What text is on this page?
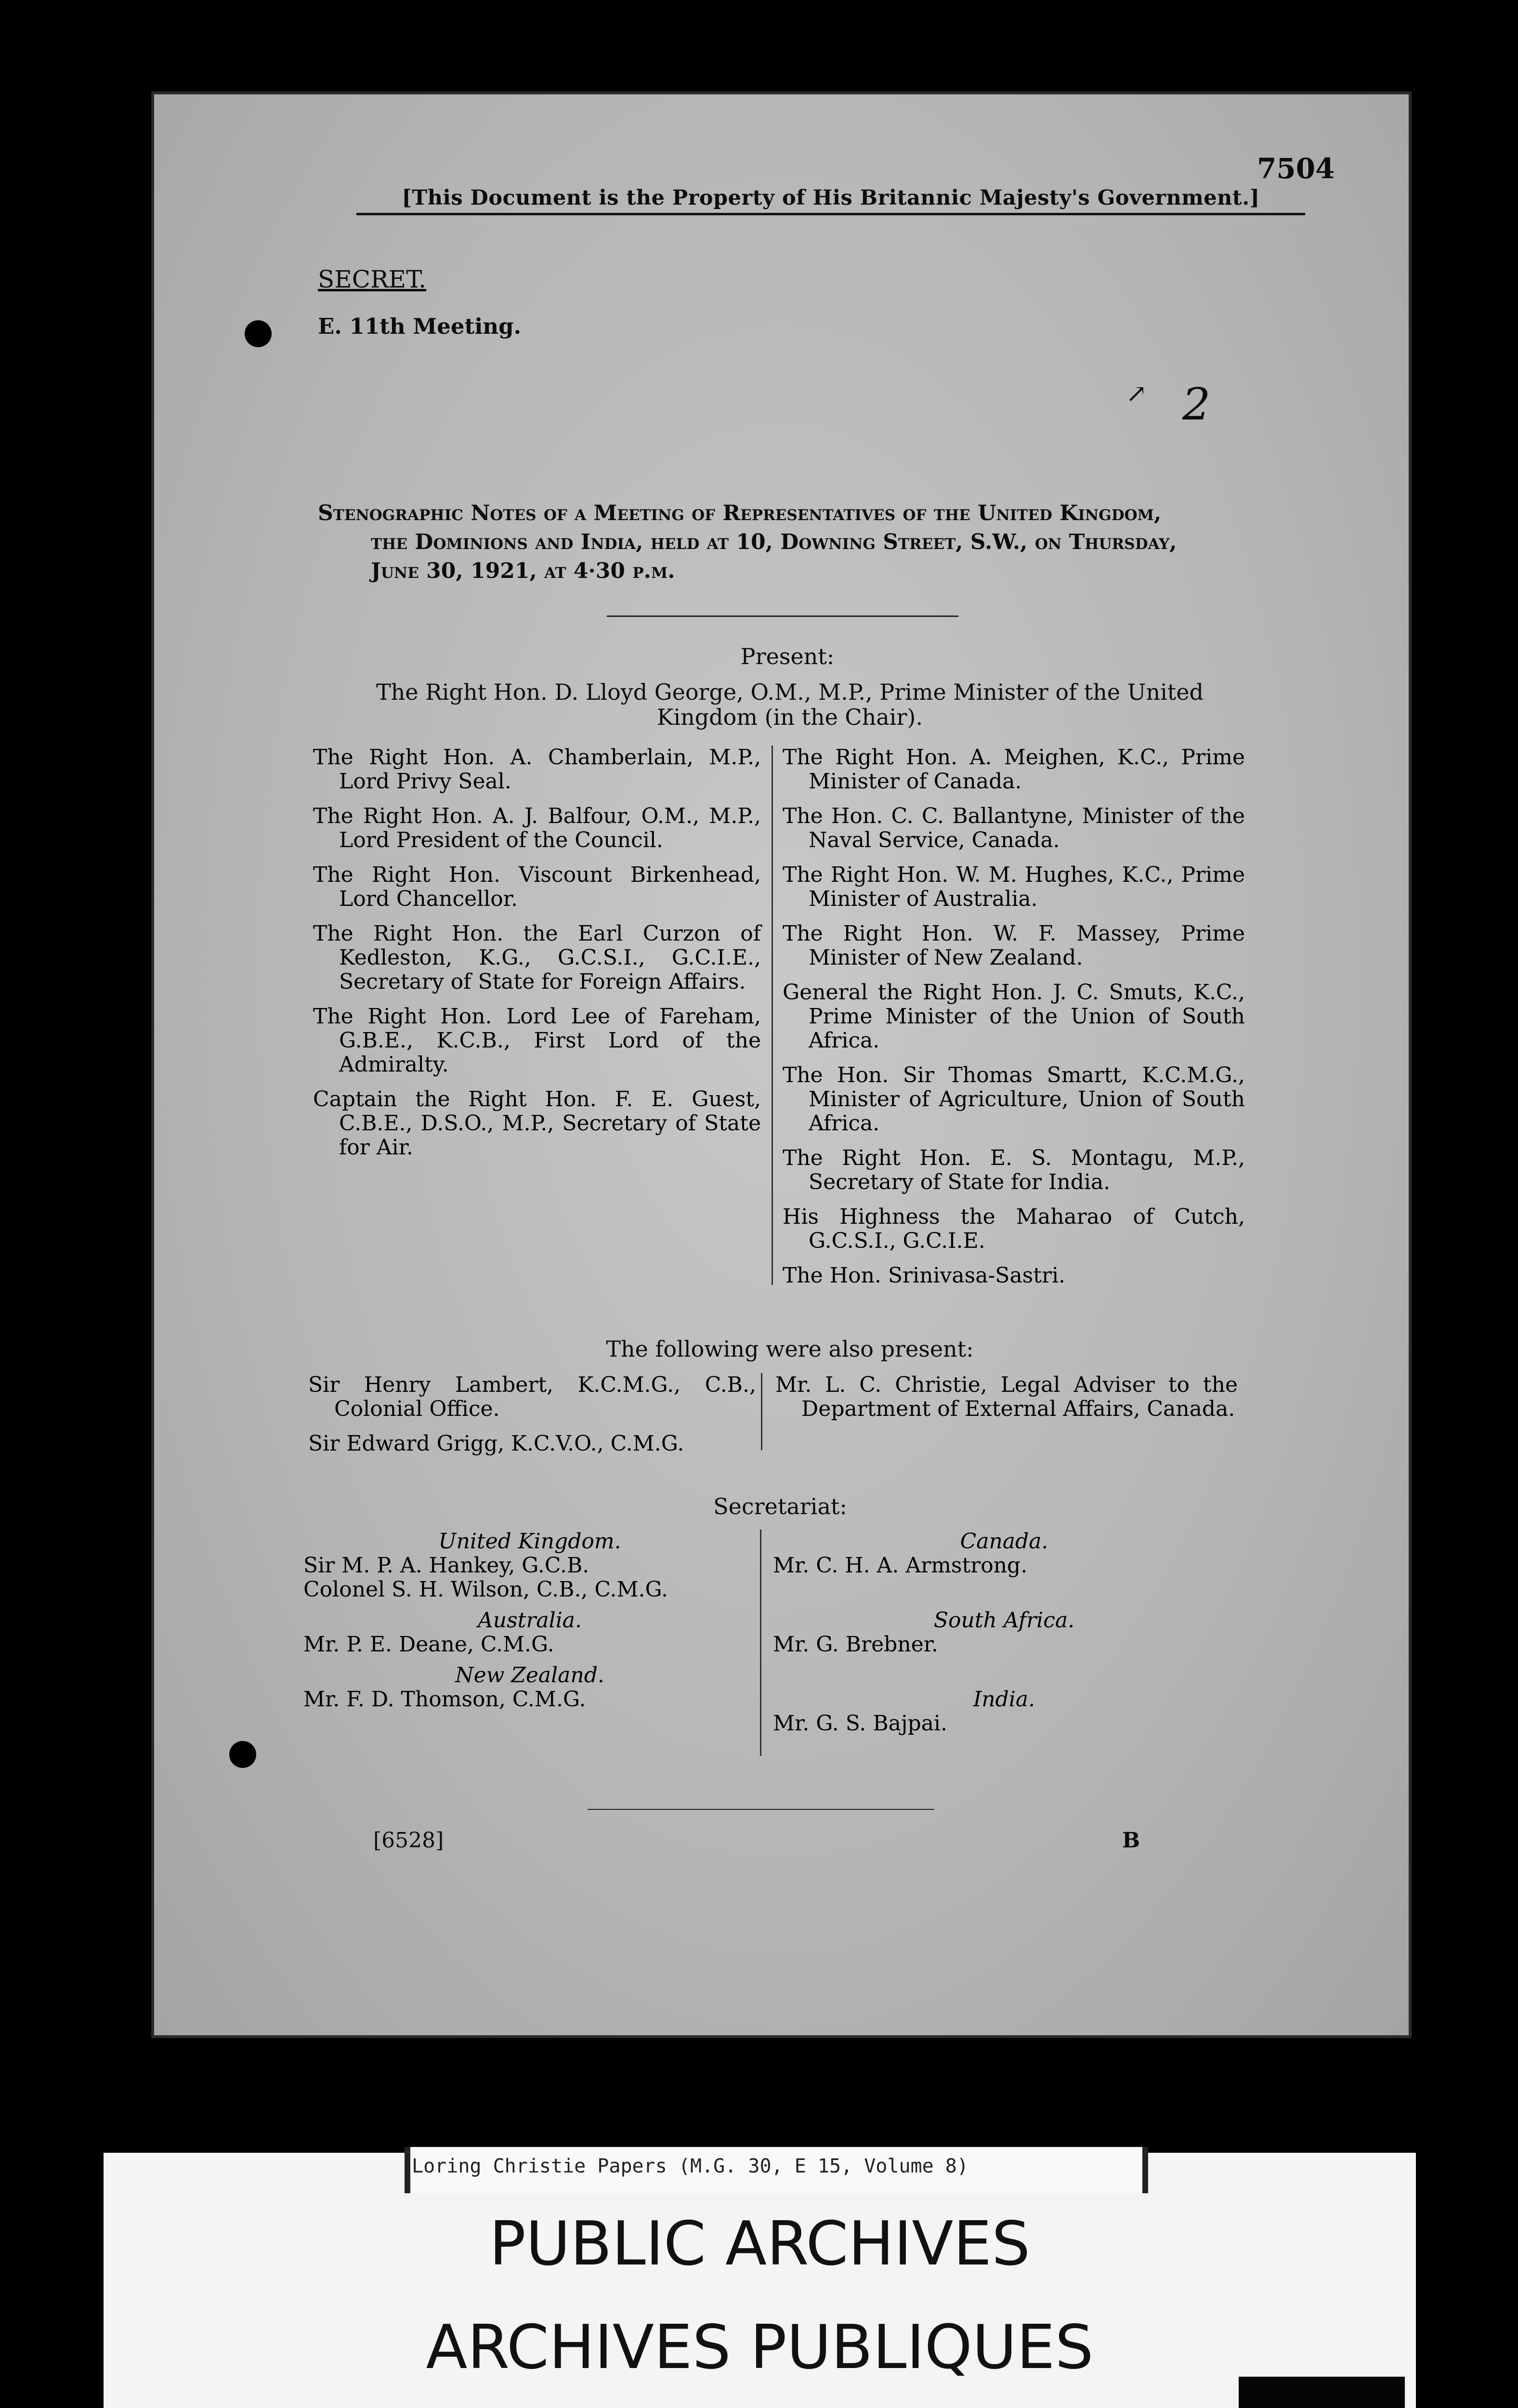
7504
[This Document is the Property of His Britannic Majesty's Government.]
SECRET.
E. 11th Meeting.
↗ 2
Stenographic Notes of a Meeting of Representatives of the United Kingdom,
the Dominions and India, held at 10, Downing Street, S.W., on Thursday,
June 30, 1921, at 4·30 p.m.
Present:
The Right Hon. D. Lloyd George, O.M., M.P., Prime Minister of the United Kingdom (in the Chair).
The Right Hon. A. Chamberlain, M.P., Lord Privy Seal.
The Right Hon. A. J. Balfour, O.M., M.P., Lord President of the Council.
The Right Hon. Viscount Birkenhead, Lord Chancellor.
The Right Hon. the Earl Curzon of Kedleston, K.G., G.C.S.I., G.C.I.E., Secretary of State for Foreign Affairs.
The Right Hon. Lord Lee of Fareham, G.B.E., K.C.B., First Lord of the Admiralty.
Captain the Right Hon. F. E. Guest, C.B.E., D.S.O., M.P., Secretary of State for Air.
The Right Hon. A. Meighen, K.C., Prime Minister of Canada.
The Hon. C. C. Ballantyne, Minister of the Naval Service, Canada.
The Right Hon. W. M. Hughes, K.C., Prime Minister of Australia.
The Right Hon. W. F. Massey, Prime Minister of New Zealand.
General the Right Hon. J. C. Smuts, K.C., Prime Minister of the Union of South Africa.
The Hon. Sir Thomas Smartt, K.C.M.G., Minister of Agriculture, Union of South Africa.
The Right Hon. E. S. Montagu, M.P., Secretary of State for India.
His Highness the Maharao of Cutch, G.C.S.I., G.C.I.E.
The Hon. Srinivasa-Sastri.
The following were also present:
Sir Henry Lambert, K.C.M.G., C.B., Colonial Office.
Sir Edward Grigg, K.C.V.O., C.M.G.
Mr. L. C. Christie, Legal Adviser to the Department of External Affairs, Canada.
Secretariat:
United Kingdom.
Sir M. P. A. Hankey, G.C.B.
Colonel S. H. Wilson, C.B., C.M.G.
Australia.
Mr. P. E. Deane, C.M.G.
New Zealand.
Mr. F. D. Thomson, C.M.G.
Canada.
Mr. C. H. A. Armstrong.
South Africa.
Mr. G. Brebner.
India.
Mr. G. S. Bajpai.
[6528]	B
Loring Christie Papers (M.G. 30, E 15, Volume 8)
PUBLIC ARCHIVES
ARCHIVES PUBLIQUES
